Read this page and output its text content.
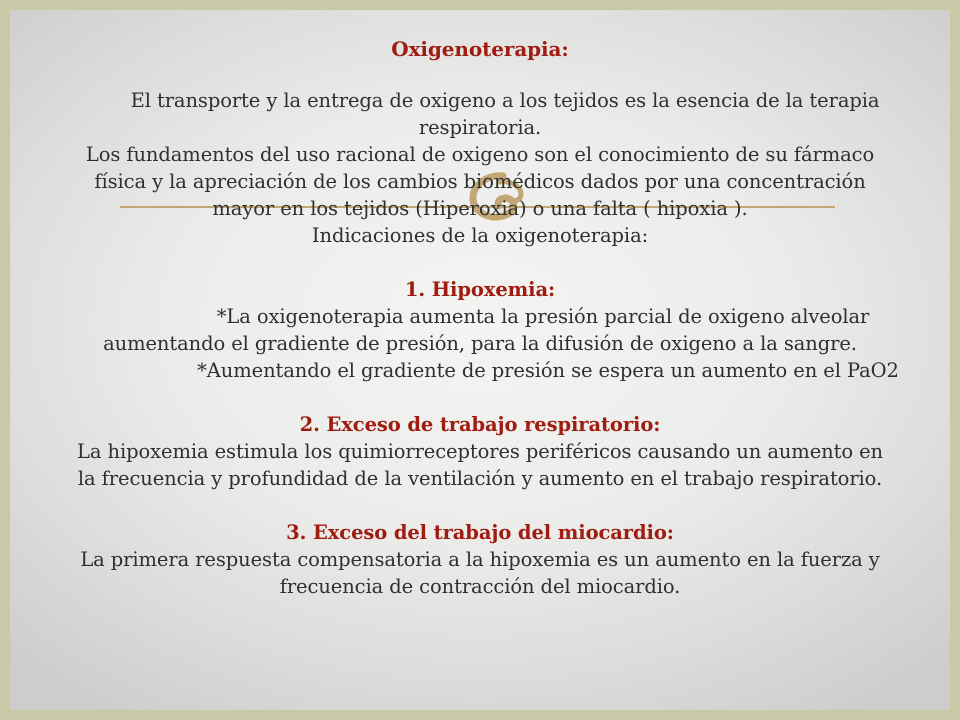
Oxigenoterapia:
El transporte y la entrega de oxigeno a los tejidos es la esencia de la terapia
respiratoria.
Los fundamentos del uso racional de oxigeno son el conocimiento de su fármaco
física y la apreciación de los cambios biomédicos dados por una concentración
mayor en los tejidos (Hiperoxia) o una falta ( hipoxia ).
Indicaciones de la oxigenoterapia:
1. Hipoxemia:
*La oxigenoterapia aumenta la presión parcial de oxigeno alveolar
aumentando el gradiente de presión, para la difusión de oxigeno a la sangre.
*Aumentando el gradiente de presión se espera un aumento en el PaO2
2. Exceso de trabajo respiratorio:
La hipoxemia estimula los quimiorreceptores periféricos causando un aumento en
la frecuencia y profundidad de la ventilación y aumento en el trabajo respiratorio.
3. Exceso del trabajo del miocardio:
La primera respuesta compensatoria a la hipoxemia es un aumento en la fuerza y
frecuencia de contracción del miocardio.
